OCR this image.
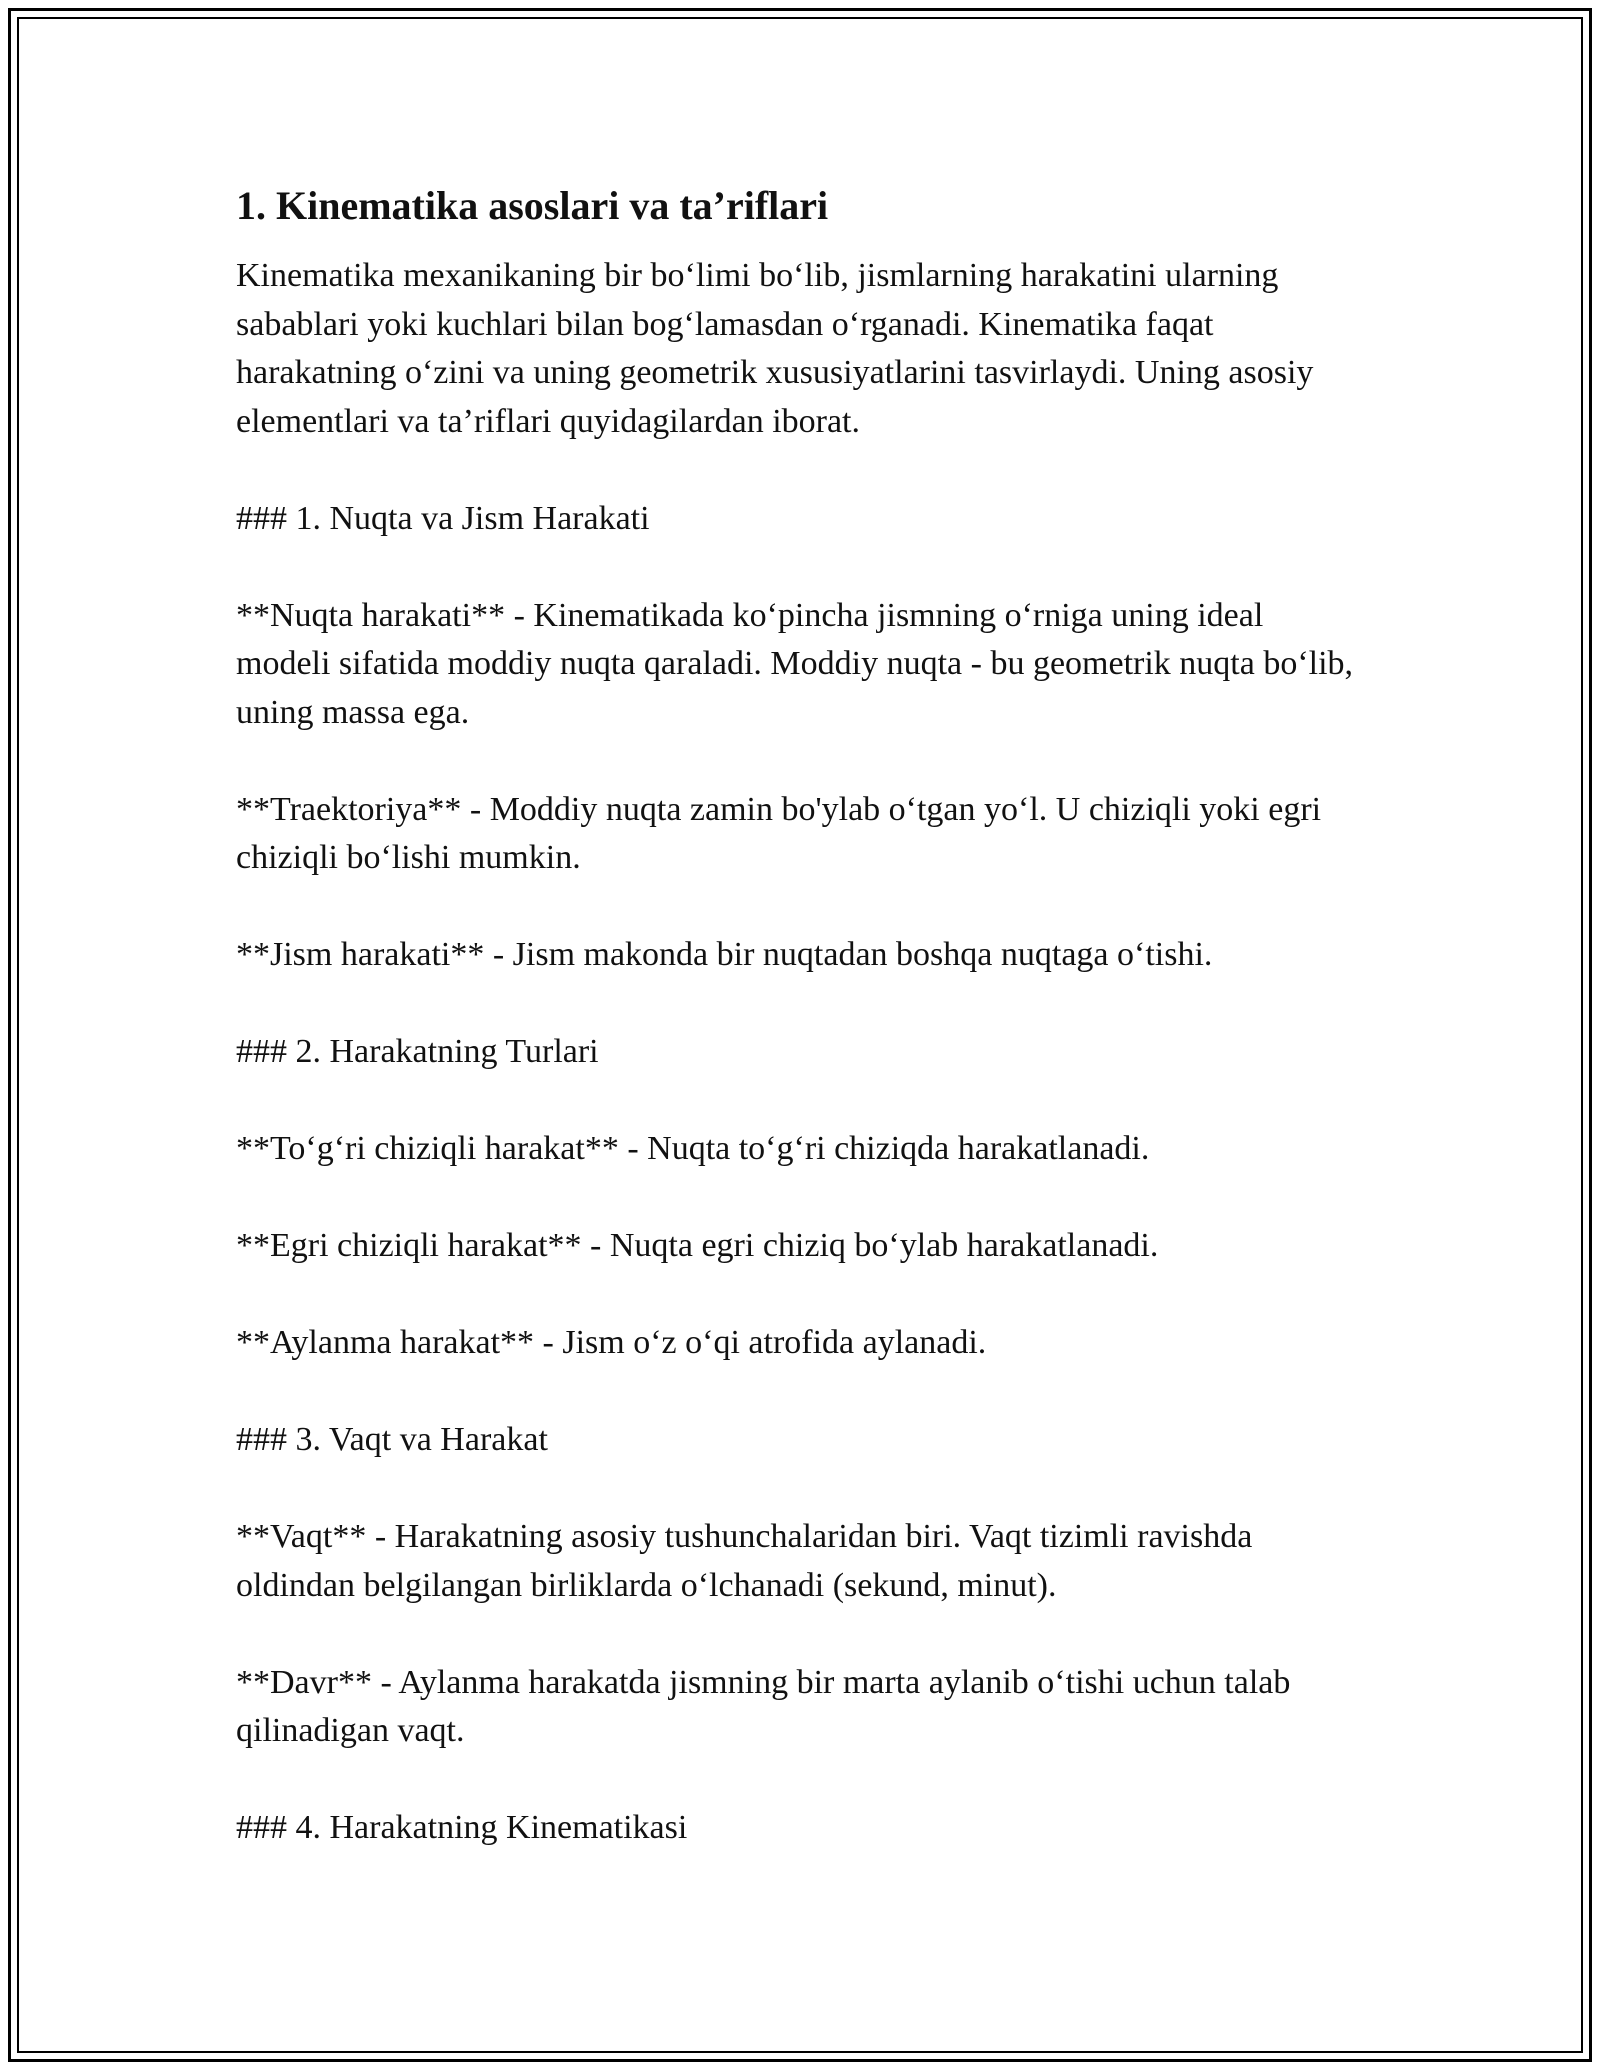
1. Kinematika asoslari va ta’riflari

Kinematika mexanikaning bir bo‘limi bo‘lib, jismlarning harakatini ularning sabablari yoki kuchlari bilan bog‘lamasdan o‘rganadi. Kinematika faqat harakatning o‘zini va uning geometrik xususiyatlarini tasvirlaydi. Uning asosiy elementlari va ta’riflari quyidagilardan iborat.

### 1. Nuqta va Jism Harakati

**Nuqta harakati** - Kinematikada ko‘pincha jismning o‘rniga uning ideal modeli sifatida moddiy nuqta qaraladi. Moddiy nuqta - bu geometrik nuqta bo‘lib, uning massa ega.

**Traektoriya** - Moddiy nuqta zamin bo'ylab o‘tgan yo‘l. U chiziqli yoki egri chiziqli bo‘lishi mumkin.

**Jism harakati** - Jism makonda bir nuqtadan boshqa nuqtaga o‘tishi.

### 2. Harakatning Turlari

**To‘g‘ri chiziqli harakat** - Nuqta to‘g‘ri chiziqda harakatlanadi.

**Egri chiziqli harakat** - Nuqta egri chiziq bo‘ylab harakatlanadi.

**Aylanma harakat** - Jism o‘z o‘qi atrofida aylanadi.

### 3. Vaqt va Harakat

**Vaqt** - Harakatning asosiy tushunchalaridan biri. Vaqt tizimli ravishda oldindan belgilangan birliklarda o‘lchanadi (sekund, minut).

**Davr** - Aylanma harakatda jismning bir marta aylanib o‘tishi uchun talab qilinadigan vaqt.

### 4. Harakatning Kinematikasi
